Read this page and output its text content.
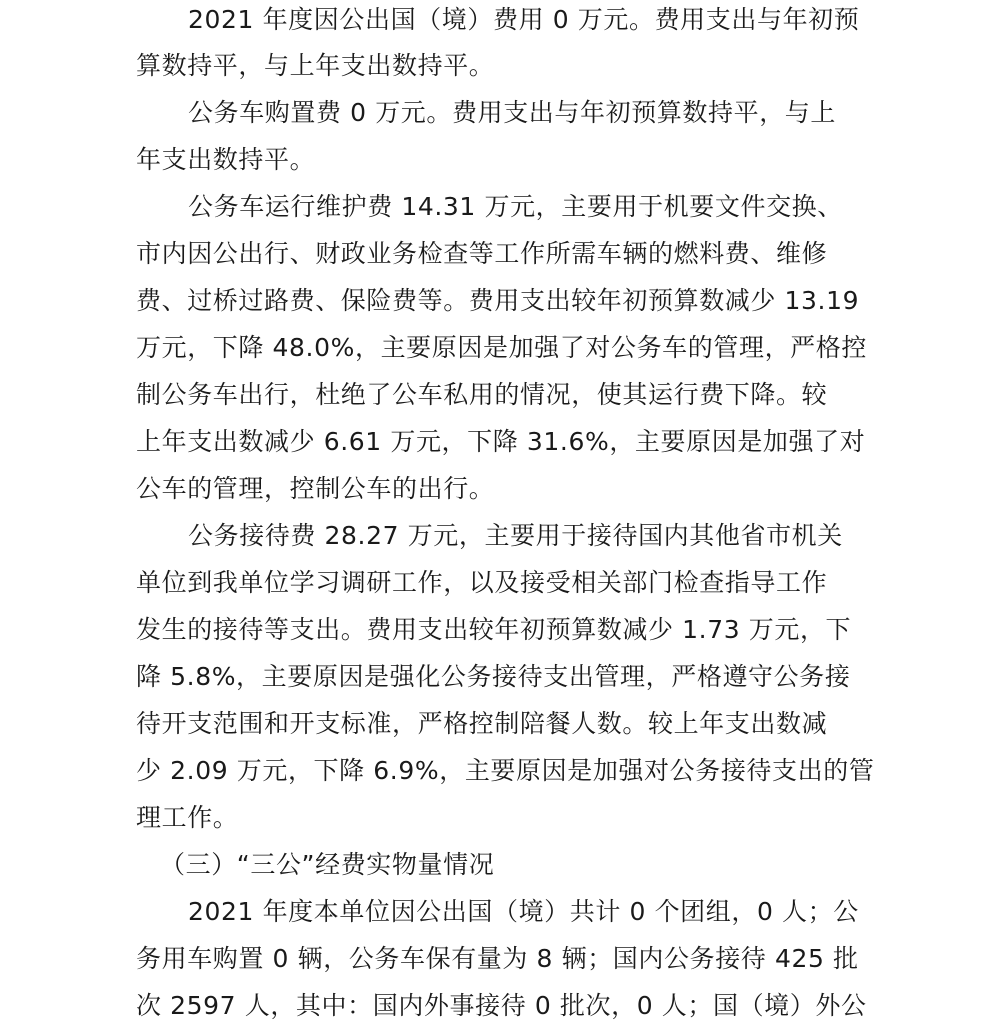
2021 年度因公出国（境）费用 0 万元。费用支出与年初预
算数持平，与上年支出数持平。
公务车购置费 0 万元。费用支出与年初预算数持平，与上
年支出数持平。
公务车运行维护费 14.31 万元，主要用于机要文件交换、
市内因公出行、财政业务检查等工作所需车辆的燃料费、维修
费、过桥过路费、保险费等。费用支出较年初预算数减少 13.19
万元，下降 48.0%，主要原因是加强了对公务车的管理，严格控
制公务车出行，杜绝了公车私用的情况，使其运行费下降。较
上年支出数减少 6.61 万元，下降 31.6%，主要原因是加强了对
公车的管理，控制公车的出行。
公务接待费 28.27 万元，主要用于接待国内其他省市机关
单位到我单位学习调研工作，以及接受相关部门检查指导工作
发生的接待等支出。费用支出较年初预算数减少 1.73 万元，下
降 5.8%，主要原因是强化公务接待支出管理，严格遵守公务接
待开支范围和开支标准，严格控制陪餐人数。较上年支出数减
少 2.09 万元，下降 6.9%，主要原因是加强对公务接待支出的管
理工作。
（三）“三公”经费实物量情况
2021 年度本单位因公出国（境）共计 0 个团组，0 人；公
务用车购置 0 辆，公务车保有量为 8 辆；国内公务接待 425 批
次 2597 人，其中：国内外事接待 0 批次，0 人；国（境）外公
